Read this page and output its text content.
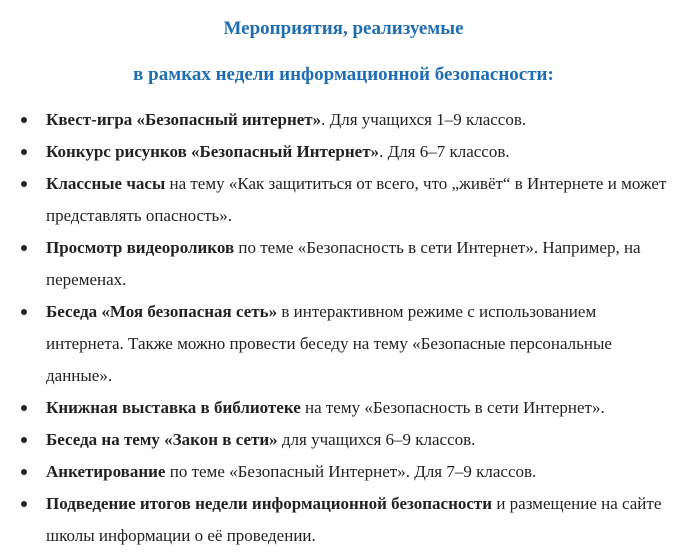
Мероприятия, реализуемые
в рамках недели информационной безопасности:
Квест-игра «Безопасный интернет». Для учащихся 1–9 классов.
Конкурс рисунков «Безопасный Интернет». Для 6–7 классов.
Классные часы на тему «Как защититься от всего, что „живёт“ в Интернете и может представлять опасность».
Просмотр видеороликов по теме «Безопасность в сети Интернет». Например, на переменах.
Беседа «Моя безопасная сеть» в интерактивном режиме с использованием интернета. Также можно провести беседу на тему «Безопасные персональные данные».
Книжная выставка в библиотеке на тему «Безопасность в сети Интернет».
Беседа на тему «Закон в сети» для учащихся 6–9 классов.
Анкетирование по теме «Безопасный Интернет». Для 7–9 классов.
Подведение итогов недели информационной безопасности и размещение на сайте школы информации о её проведении.
